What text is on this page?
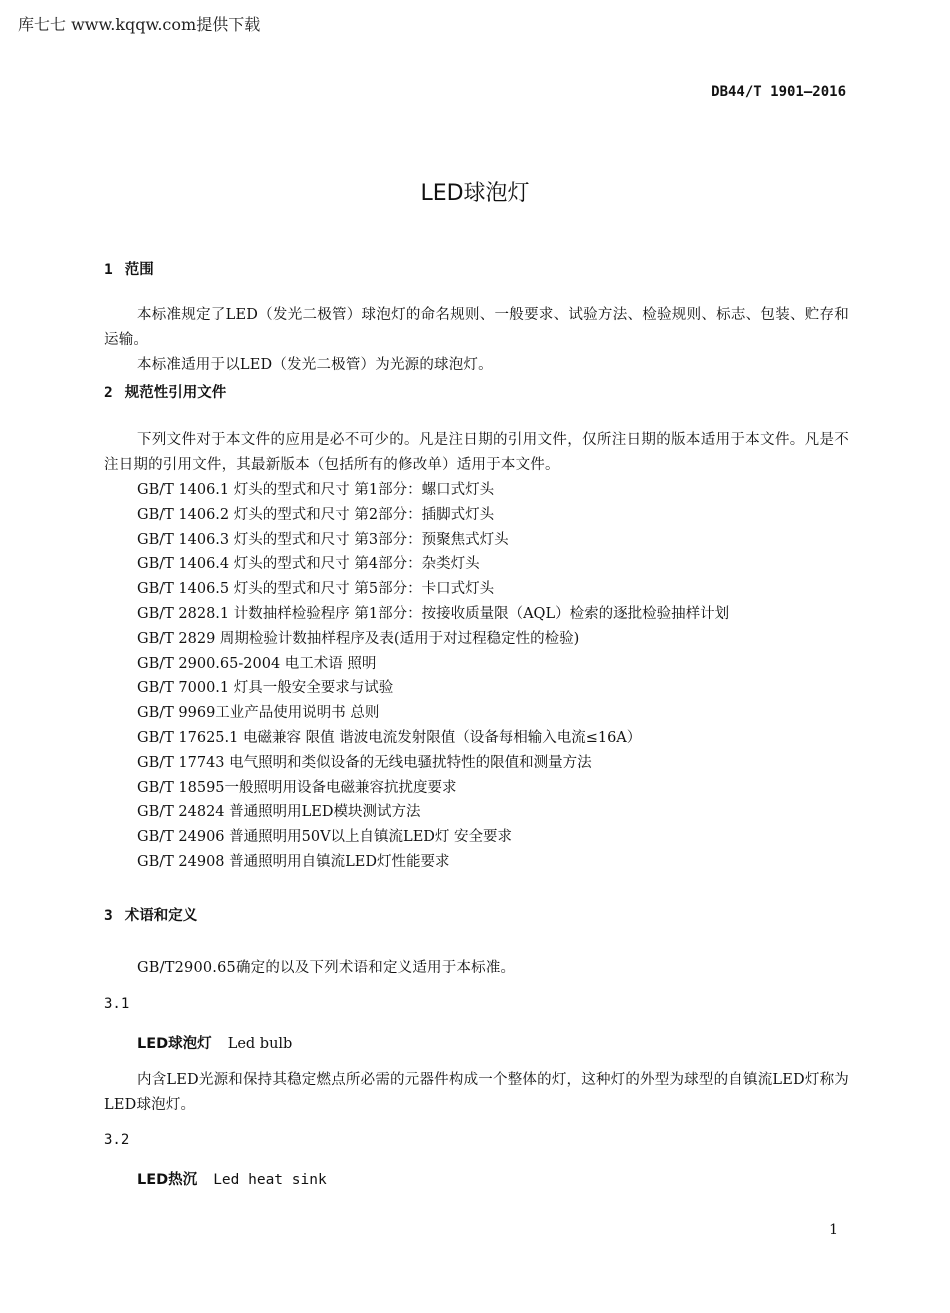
库七七 www.kqqw.com提供下载
DB44/T 1901—2016
LED球泡灯
1 范围
本标准规定了LED（发光二极管）球泡灯的命名规则、一般要求、试验方法、检验规则、标志、包装、贮存和运输。
本标准适用于以LED（发光二极管）为光源的球泡灯。
2 规范性引用文件
下列文件对于本文件的应用是必不可少的。凡是注日期的引用文件，仅所注日期的版本适用于本文件。凡是不注日期的引用文件，其最新版本（包括所有的修改单）适用于本文件。
GB/T 1406.1 灯头的型式和尺寸 第1部分：螺口式灯头
GB/T 1406.2 灯头的型式和尺寸 第2部分：插脚式灯头
GB/T 1406.3 灯头的型式和尺寸 第3部分：预聚焦式灯头
GB/T 1406.4 灯头的型式和尺寸 第4部分：杂类灯头
GB/T 1406.5 灯头的型式和尺寸 第5部分：卡口式灯头
GB/T 2828.1 计数抽样检验程序 第1部分：按接收质量限（AQL）检索的逐批检验抽样计划
GB/T 2829 周期检验计数抽样程序及表(适用于对过程稳定性的检验)
GB/T 2900.65-2004 电工术语 照明
GB/T 7000.1 灯具一般安全要求与试验
GB/T 9969工业产品使用说明书 总则
GB/T 17625.1 电磁兼容 限值 谐波电流发射限值（设备每相输入电流≤16A）
GB/T 17743 电气照明和类似设备的无线电骚扰特性的限值和测量方法
GB/T 18595一般照明用设备电磁兼容抗扰度要求
GB/T 24824 普通照明用LED模块测试方法
GB/T 24906 普通照明用50V以上自镇流LED灯 安全要求
GB/T 24908 普通照明用自镇流LED灯性能要求
3 术语和定义
GB/T2900.65确定的以及下列术语和定义适用于本标准。
3.1
LED球泡灯 Led bulb
内含LED光源和保持其稳定燃点所必需的元器件构成一个整体的灯，这种灯的外型为球型的自镇流LED灯称为LED球泡灯。
3.2
LED热沉 Led heat sink
1
